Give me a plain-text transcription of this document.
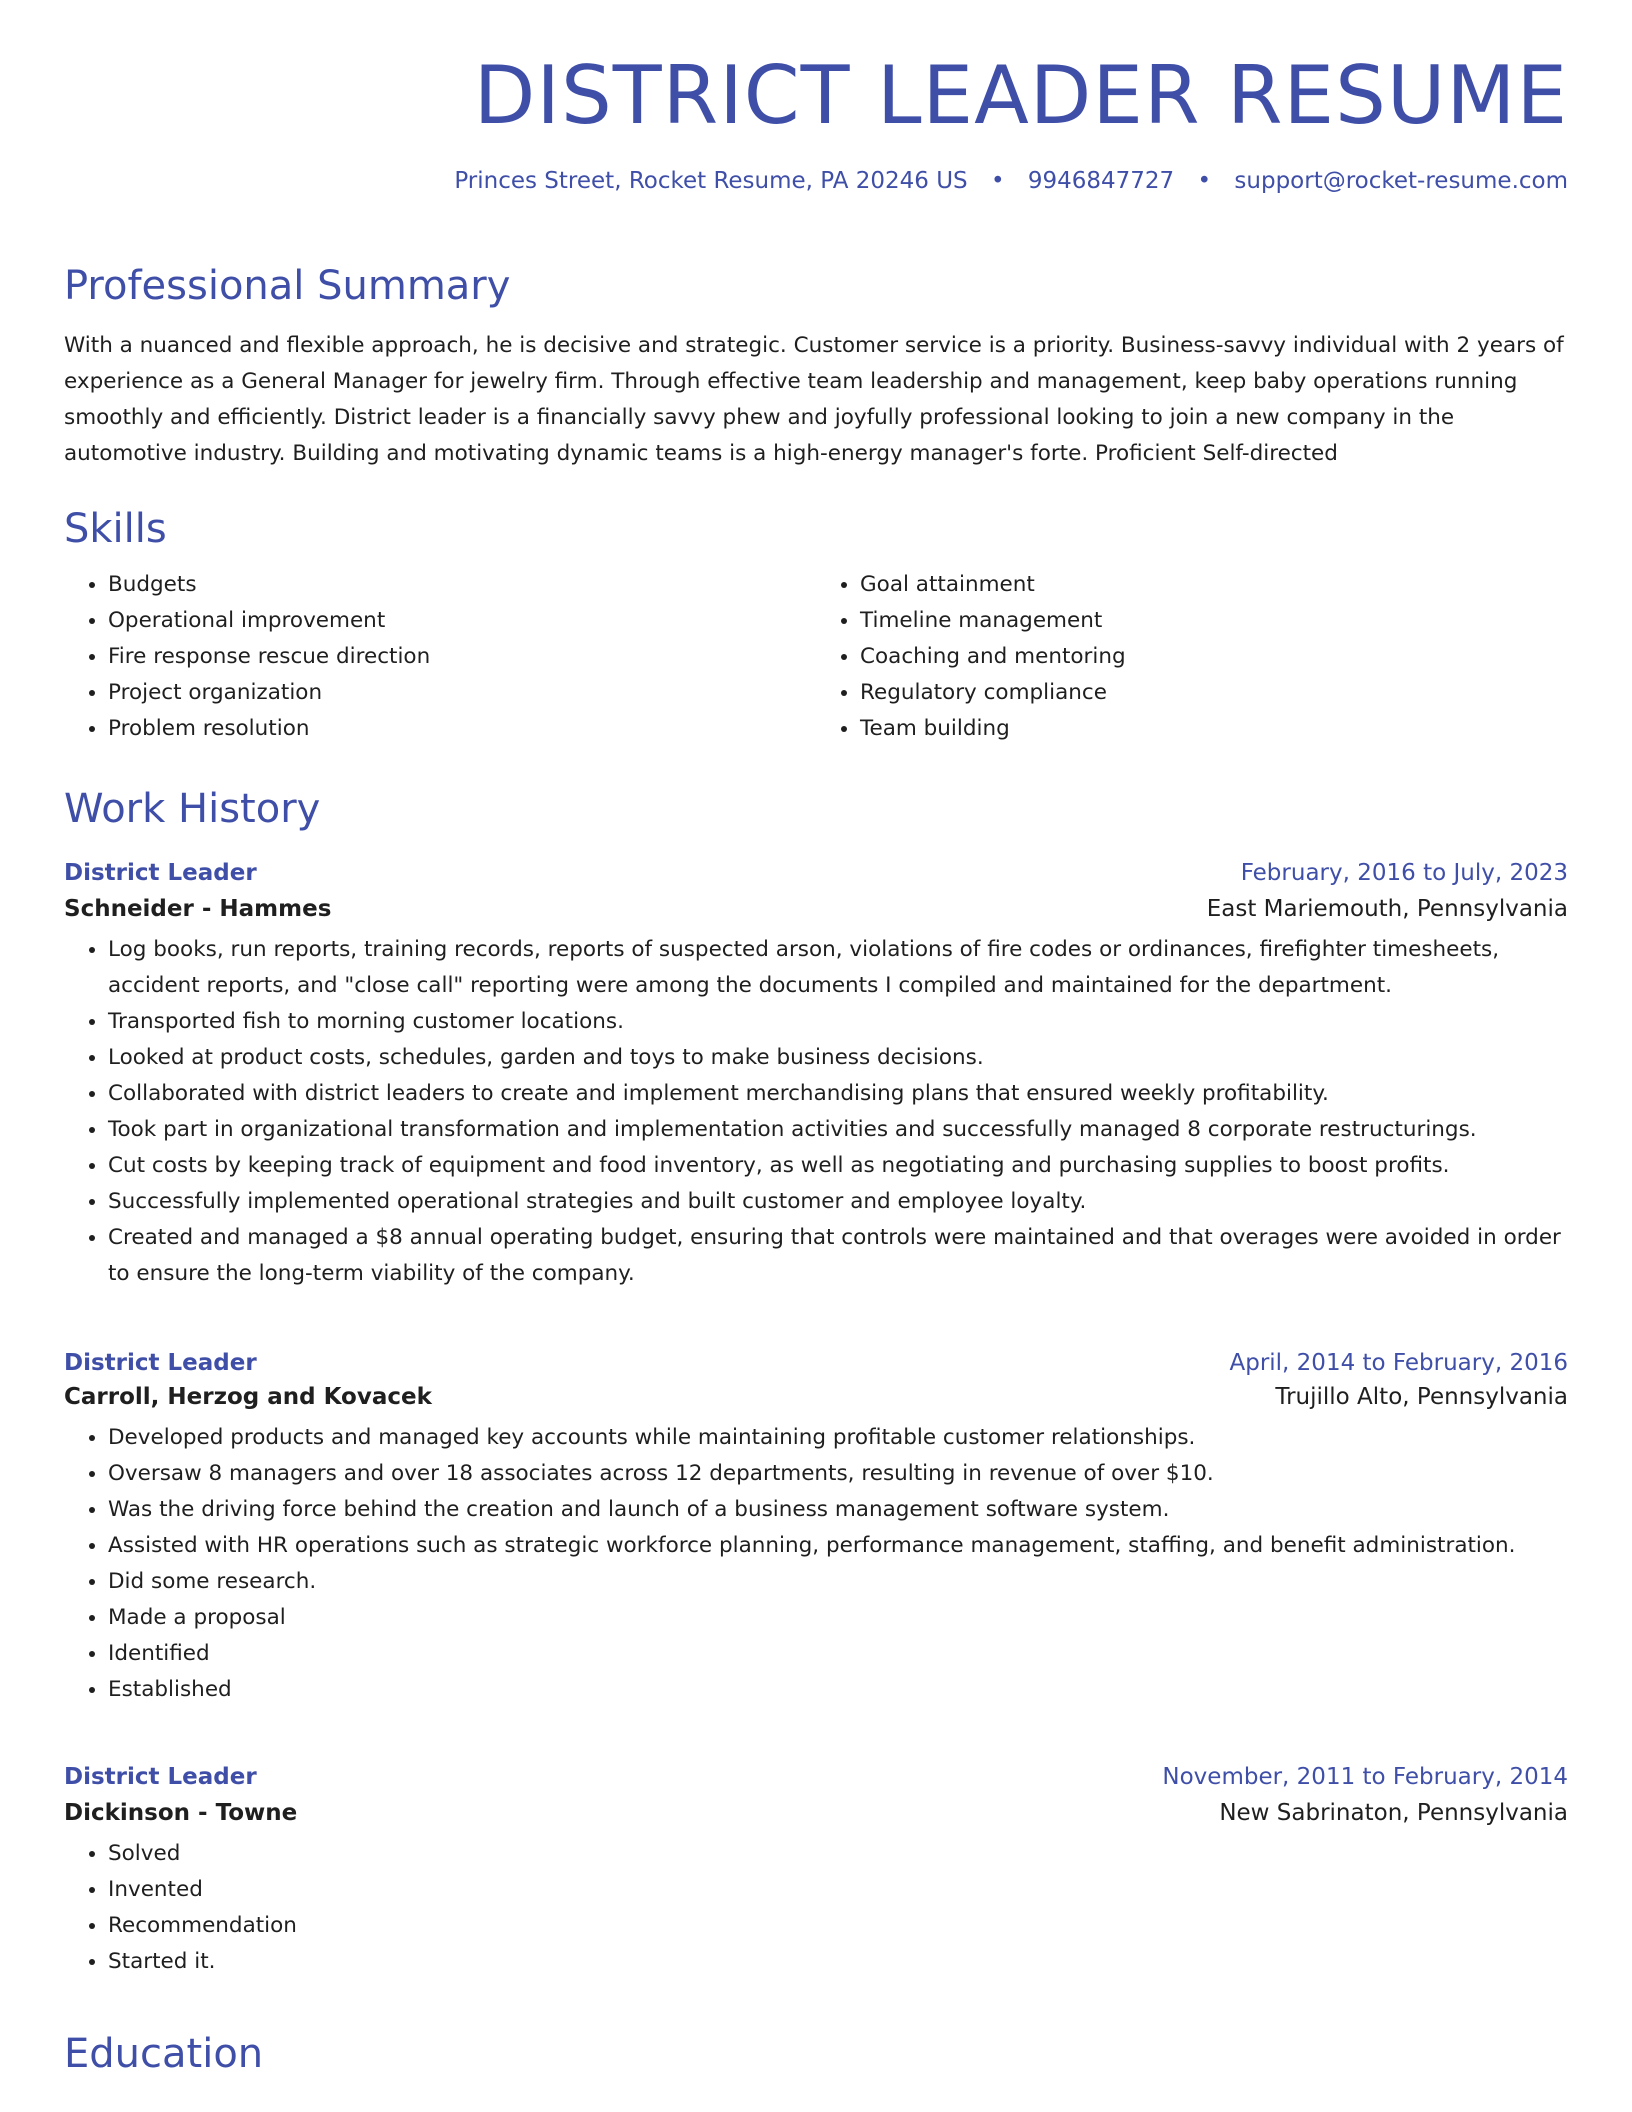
DISTRICT LEADER RESUME
Princes Street, Rocket Resume, PA 20246 US • 9946847727 • support@rocket-resume.com
Professional Summary

With a nuanced and flexible approach, he is decisive and strategic. Customer service is a priority. Business-savvy individual with 2 years of experience as a General Manager for jewelry firm. Through effective team leadership and management, keep baby operations running smoothly and efficiently. District leader is a financially savvy phew and joyfully professional looking to join a new company in the automotive industry. Building and motivating dynamic teams is a high-energy manager's forte. Proficient Self-directed

Skills
• Budgets
• Operational improvement
• Fire response rescue direction
• Project organization
• Problem resolution
• Goal attainment
• Timeline management
• Coaching and mentoring
• Regulatory compliance
• Team building
Work History
District Leader	February, 2016 to July, 2023
Schneider - Hammes	East Mariemouth, Pennsylvania
• Log books, run reports, training records, reports of suspected arson, violations of fire codes or ordinances, firefighter timesheets, accident reports, and "close call" reporting were among the documents I compiled and maintained for the department.
• Transported fish to morning customer locations.
• Looked at product costs, schedules, garden and toys to make business decisions.
• Collaborated with district leaders to create and implement merchandising plans that ensured weekly profitability.
• Took part in organizational transformation and implementation activities and successfully managed 8 corporate restructurings.
• Cut costs by keeping track of equipment and food inventory, as well as negotiating and purchasing supplies to boost profits.
• Successfully implemented operational strategies and built customer and employee loyalty.
• Created and managed a $8 annual operating budget, ensuring that controls were maintained and that overages were avoided in order to ensure the long-term viability of the company.
District Leader	April, 2014 to February, 2016
Carroll, Herzog and Kovacek	Trujillo Alto, Pennsylvania
• Developed products and managed key accounts while maintaining profitable customer relationships.
• Oversaw 8 managers and over 18 associates across 12 departments, resulting in revenue of over $10.
• Was the driving force behind the creation and launch of a business management software system.
• Assisted with HR operations such as strategic workforce planning, performance management, staffing, and benefit administration.
• Did some research.
• Made a proposal
• Identified
• Established
District Leader	November, 2011 to February, 2014
Dickinson - Towne	New Sabrinaton, Pennsylvania
• Solved
• Invented
• Recommendation
• Started it.
Education
